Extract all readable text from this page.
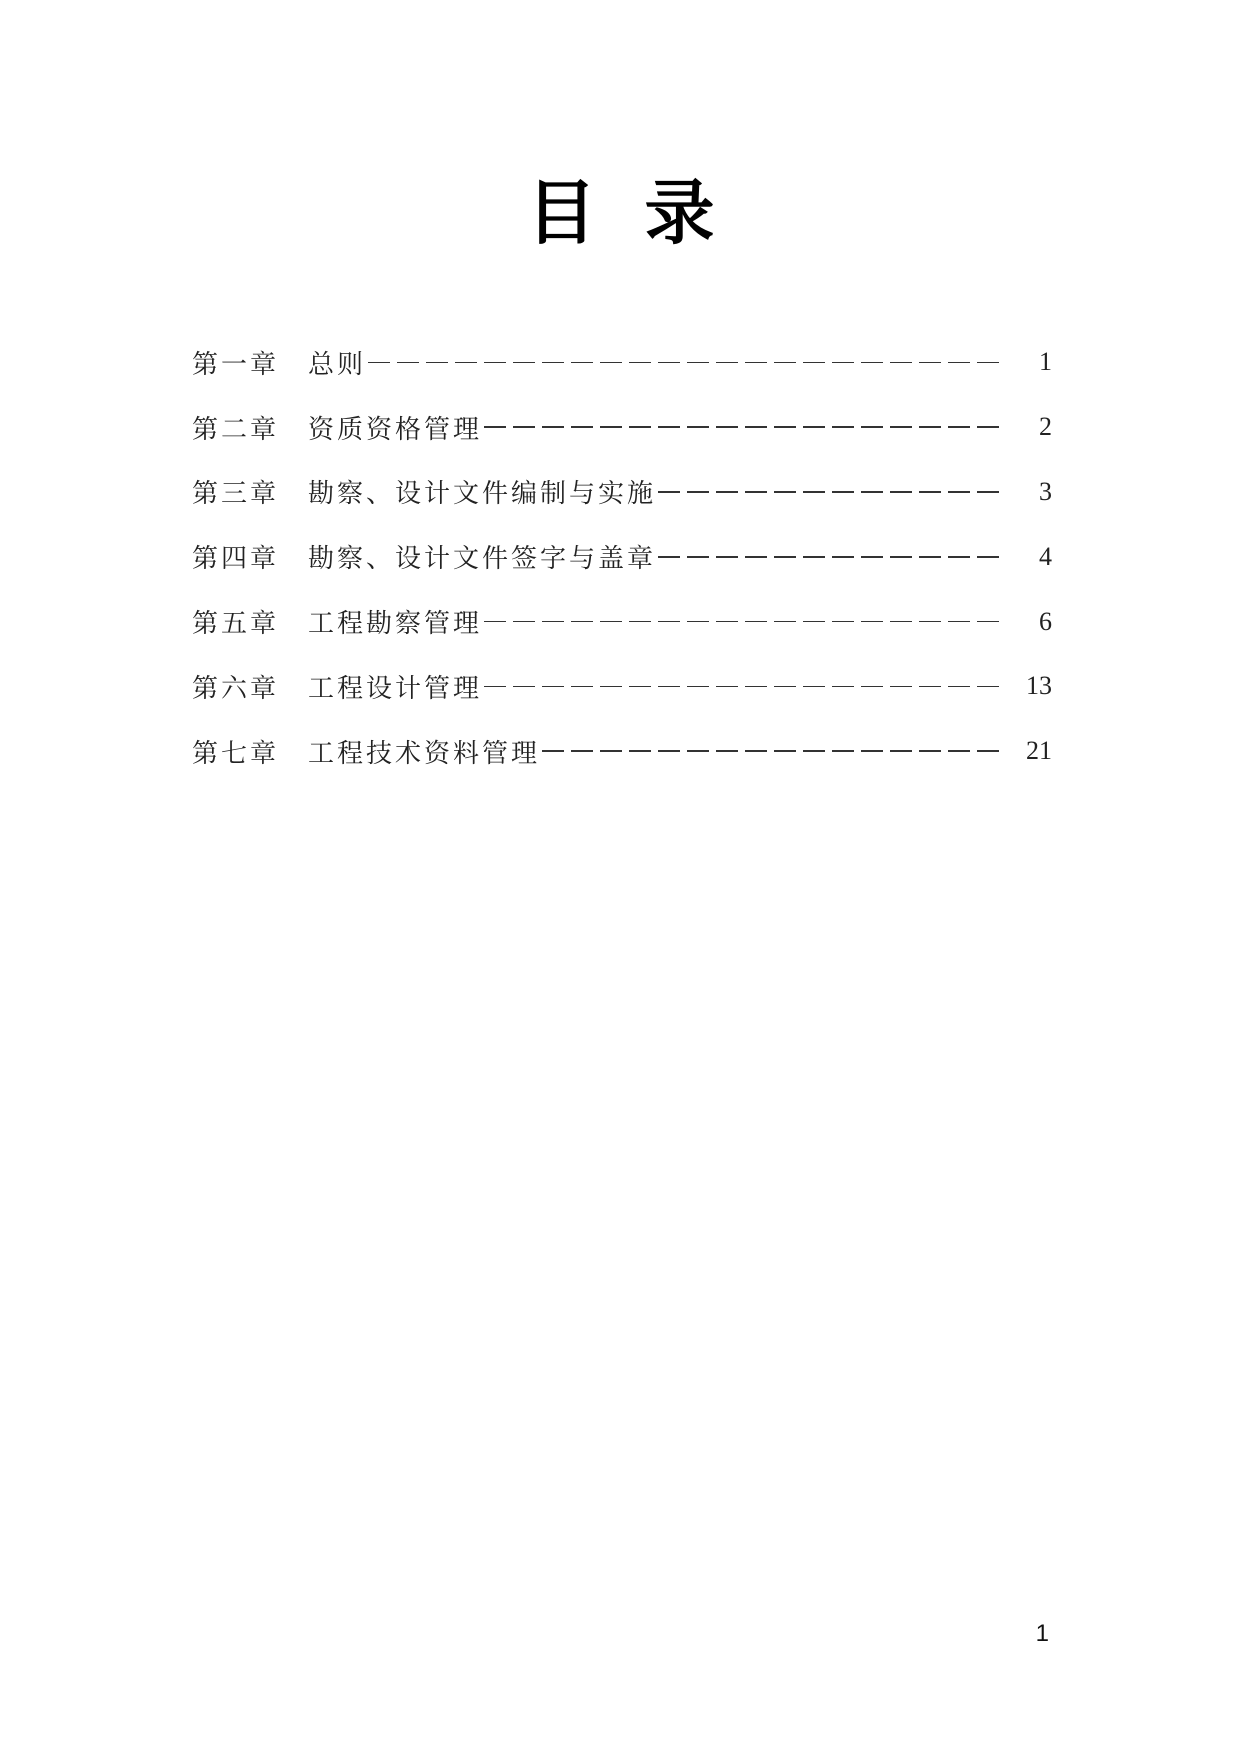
目录
第一章	总则	1
第二章	资质资格管理	2
第三章	勘察、设计文件编制与实施	3
第四章	勘察、设计文件签字与盖章	4
第五章	工程勘察管理	6
第六章	工程设计管理	13
第七章	工程技术资料管理	21
1
